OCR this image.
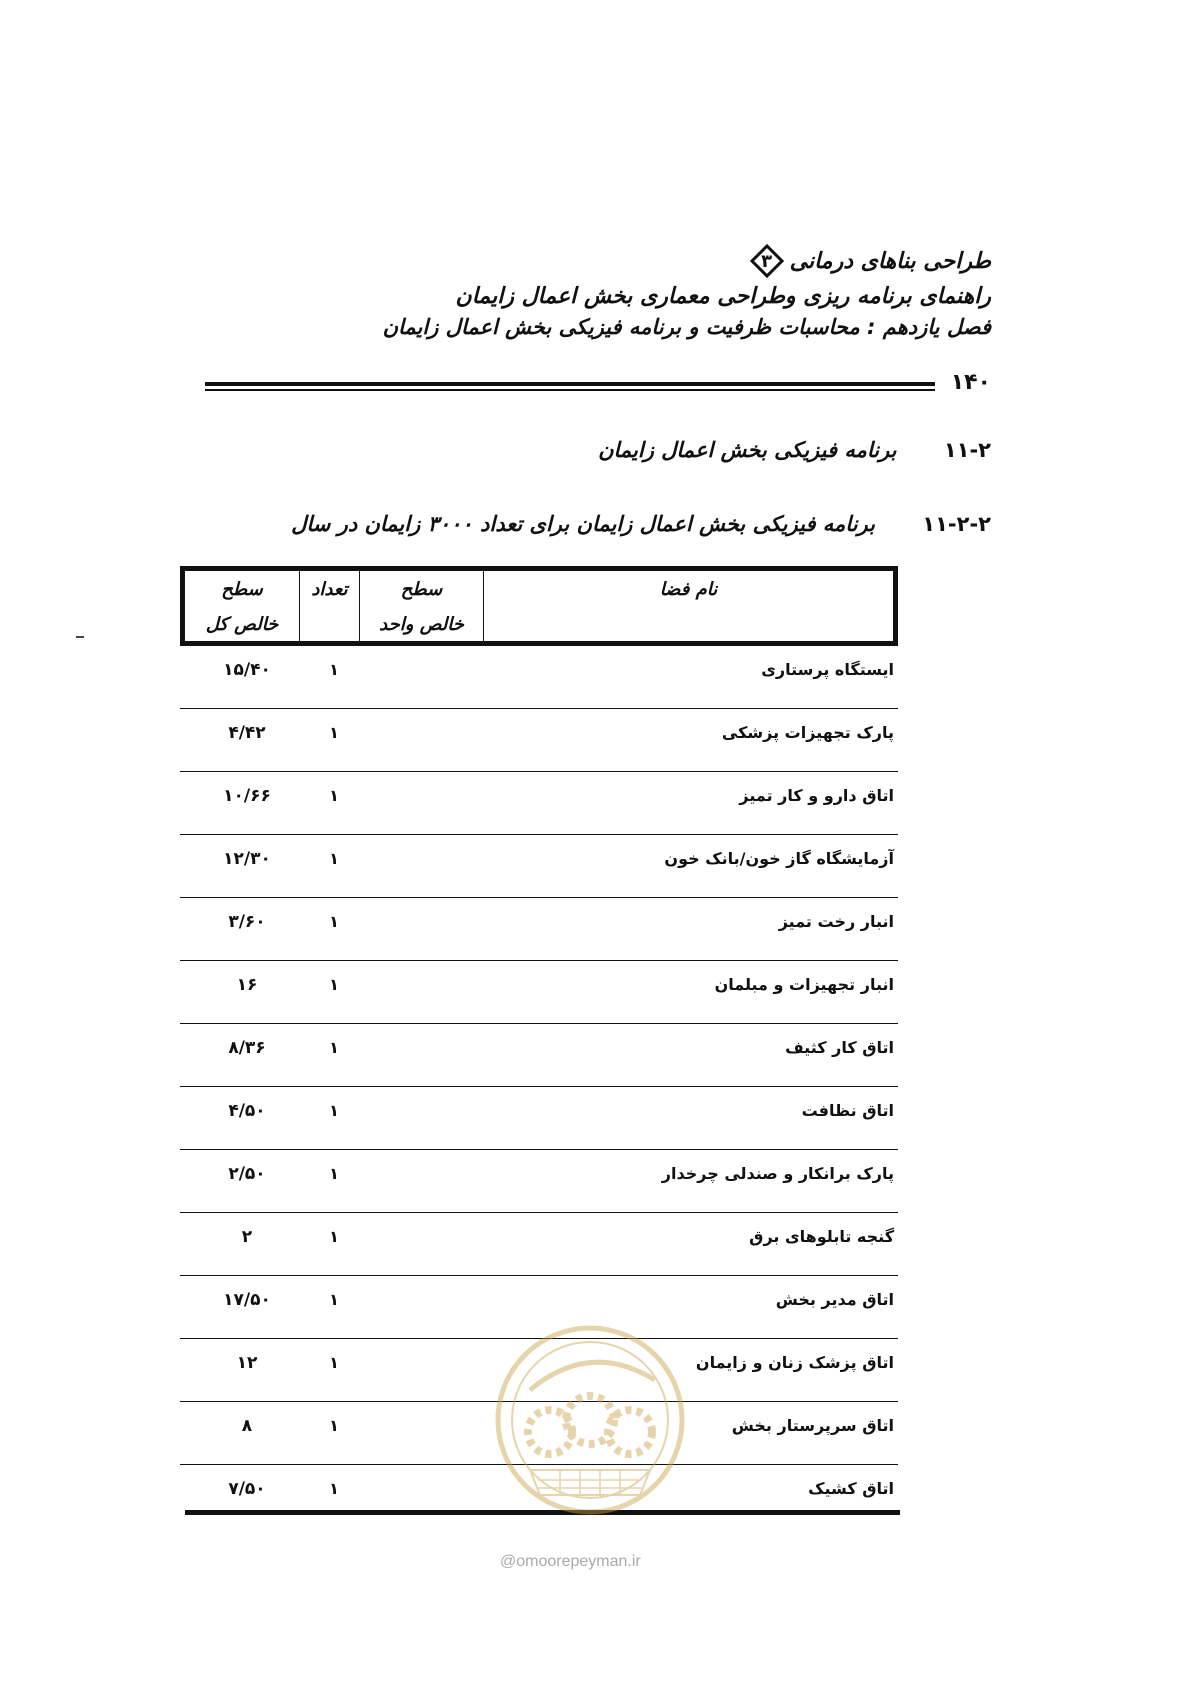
طراحی بناهای درمانی
۳
راهنمای برنامه ریزی وطراحی معماری بخش اعمال زایمان
فصل یازدهم : محاسبات ظرفیت و برنامه فیزیکی بخش اعمال زایمان
۱۴۰
۱۱-۲ برنامه فیزیکی بخش اعمال زایمان
۱۱-۲-۲ برنامه فیزیکی بخش اعمال زایمان برای تعداد ۳۰۰۰ زایمان در سال
نام فضا
سطح
خالص واحد
تعداد
سطح
خالص کل
ایستگاه پرستاری
۱
۱۵/۴۰
پارک تجهیزات پزشکی
۱
۴/۴۲
اتاق دارو و کار تمیز
۱
۱۰/۶۶
آزمایشگاه گاز خون/بانک خون
۱
۱۲/۳۰
انبار رخت تمیز
۱
۳/۶۰
انبار تجهیزات و مبلمان
۱
۱۶
اتاق کار کثیف
۱
۸/۳۶
اتاق نظافت
۱
۴/۵۰
پارک برانکار و صندلی چرخدار
۱
۲/۵۰
گنجه تابلوهای برق
۱
۲
اتاق مدیر بخش
۱
۱۷/۵۰
اتاق پزشک زنان و زایمان
۱
۱۲
اتاق سرپرستار بخش
۱
۸
اتاق کشیک
۱
۷/۵۰
@omoorepeyman.ir
